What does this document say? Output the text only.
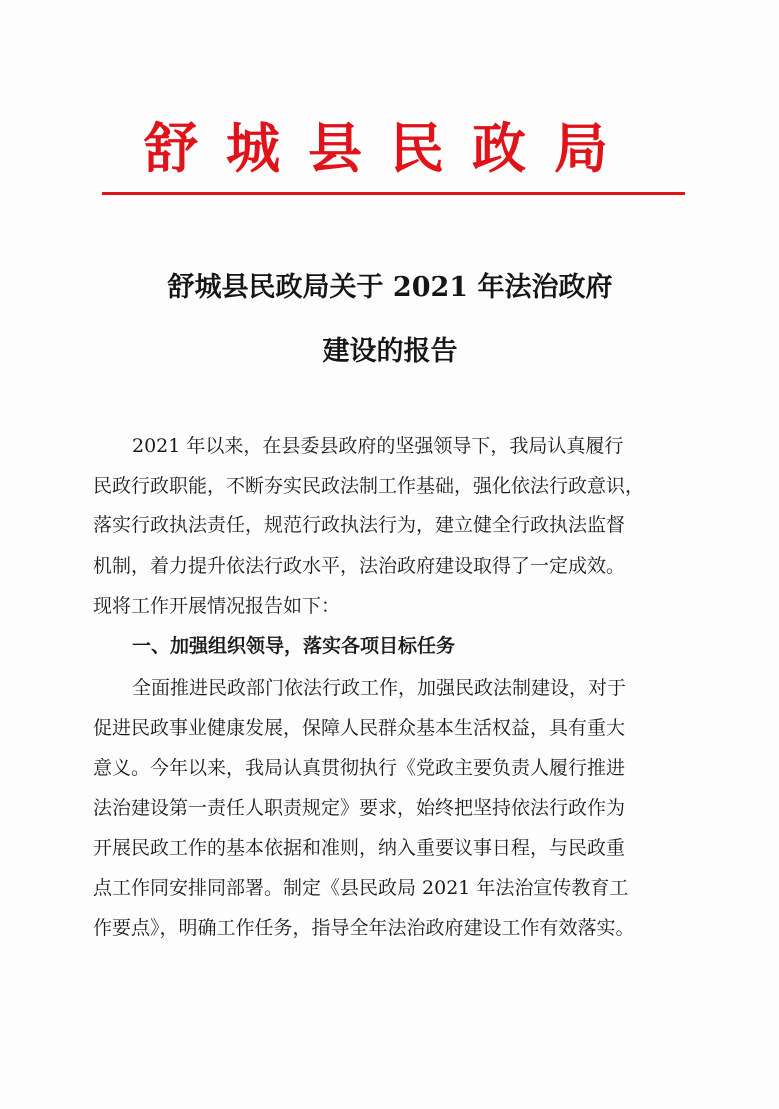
舒城县民政局
舒城县民政局关于 2021 年法治政府
建设的报告
2021 年以来，在县委县政府的坚强领导下，我局认真履行
民政行政职能，不断夯实民政法制工作基础，强化依法行政意识，
落实行政执法责任，规范行政执法行为，建立健全行政执法监督
机制，着力提升依法行政水平，法治政府建设取得了一定成效。
现将工作开展情况报告如下：
一、加强组织领导，落实各项目标任务
全面推进民政部门依法行政工作，加强民政法制建设，对于
促进民政事业健康发展，保障人民群众基本生活权益，具有重大
意义。今年以来，我局认真贯彻执行《党政主要负责人履行推进
法治建设第一责任人职责规定》要求，始终把坚持依法行政作为
开展民政工作的基本依据和准则，纳入重要议事日程，与民政重
点工作同安排同部署。制定《县民政局 2021 年法治宣传教育工
作要点》，明确工作任务，指导全年法治政府建设工作有效落实。
